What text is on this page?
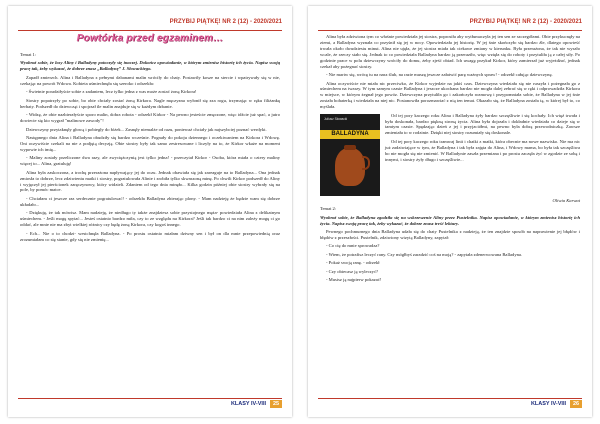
PRZYBIJ PIĄTKĘ! NR 2 (12) - 2020/2021
Powtórka przed egzaminem…

Temat 1:

Wyobraź sobie, że losy Aliny i Balladyny potoczyły się inaczej. Dokończ opowiadanie, w którym zmienisz historię ich życia. Napisz swoją pracę tak, żeby wykazać, że dobrze znasz „Balladynę” J. Słowackiego.

Zapadł zmierzch. Alina i Balladyna z pełnymi dzbanami malin wróciły do chaty. Postawiły kosze na stercie i wpatrywały się w nie, czekając na powrót Wdowa. Kobieta uśmiechnęła się szeroko i odrzekła:

- Świetnie poradziłyście sobie z zadaniem, lecz tylko jedna z was może zostać żoną Kirkora!

Siostry popatrzyły po sobie, bo obie chciały zostać żoną Kirkora. Nagle męczyzna wyłonił się zza rogu, trzymając w ręku filiżankę herbaty. Podszedł do dziewcząt i spojrzał ile malin znajduje się w każdym dzbanie.

- Widzę, że obie nazbierałyście sporo malin, dobra robota - odrzekł Kirkor - Na pewno jesteście zmęczone, więc idźcie już spać, a jutro dowiecie się kto wygrał "malinowe zawody"!

Dziewczyny przytaknęły głową i pobiegły do łóżek... Zasnęły niemalże od razu, ponieważ chciały jak najszybciej poznać werdykt.

Następnego dnia Alina i Balladyna obudziły się bardzo wcześnie. Pognały do pokoju dziennego i oczekiwaniem na Kirkora i Wdowę. Oni oczywiście czekali na nie z podjętą decyzją. Obie siostry były tak samo zestresowane i liczyły na to, że Kirkor wkaże na moment wypowie ich imię...

- Maliny zostały przeliczone dwa razy, ale zwyciężczynią jest tylko jedna! - przeczytał Kirkor - Osoba, która miała o cztery maliny więcej to... Alina, gratuluję!

Alina była zaskoczona, a trochę przerażona napływający jej do oczu. Jednak obawiała się jak zareaguje na to Balladyna... Ona jednak zmiosła to dobrze, lecz zdziwieniu matki i siostry, pogratulowała Alinie i zrobiła tylko skwaszoną minę. Po chwili Kirkor podszedł do Aliny i wyjęczył jej pierścionek zaręczynowy, który widzieli. Zdaniem od tego dnia minęło... Kilka godzin później obie siostry wybrały się na pole, by pomóc matce.

- Chciałam ci jeszcze raz serdecznie pogratulować! - odrzekła Balladyna zbierając plony. - Mam nadzieję że będzie wam się dobrze układało...

- Dziękuję, że tak mówisz. Mam nadzieję, że niedługo ty także znajdziesz sobie przystojnego męża- powiedziała Alina z delikatnym uśmiechem. - Jeśli mogę spytać... Jesteś ostatnio bardzo miła, czy to ze względu na Kirkora? Jeśli tak bardzo ci na nim zależy mogę ci go oddać, ale mnie nie ma zbyt wielkiej różnicy czy będę żoną Kirkora, czy kogoś innego.

- Ech... Nie o to chodzi- westchnęła Balladyna. - Po prostu ostatnio miałam dziwny sen i był on dla mnie przepowiednią oraz zrozumiałam co się stanie, gdy się nie zmienię...

KLASY IV-VIII	25
PRZYBIJ PIĄTKĘ! NR 2 (12) - 2020/2021

Alina była zdziwiona tym co właśnie powiedziała jej siostra, poprosiła aby wytłumaczyła jej ten sen ze szczegółami. Obie przykucnęły na ziemi, a Balladyna wyznała co przyśnił się jej w nocy. Opowiedziała jej historię. W jej śnie skończyło się bardzo źle, dlatego opowieść trwała około dwudziestu minut. Alina nie ujęła, że jej siostra miała tak ciekawe zmiany w kierunku. Była przerażona, że tak nie wyszło wcale, że rzeczy stało się. Jednak to co powiedziała Balladyna bardzo ją przeraziło, więc wzięła się do roboty i przytuliła ją z całej siły. Po godzinie prace w polu dziewczyny wróciły do domu, żeby zjeść obiad. Ich uwagę przykuł Kirkor, który zamierzał już wyjeżdżać, jednak czekał aby pożegnać siostry.

- Nie martw się, wrócę tu na nasz ślub, na razie muszę jeszcze załatwić parę ważnych spraw! - odrzekł całując dziewczynę.

Alina oczywiście nie miała nic przeciwko, że Kirkor wyjedzie na jakiś czas. Dziewczyna wiedziała się nie ruszyła i pożegnała go z uśmiechem na twarzy. W tym samym czasie Balladyna i jeszcze ukochana bardzo nie mogła dalej zebrać się w ręki i odprowadziła Kirkora w miejsce, w którym żegnał jego powóz. Dziewczyna przytuliła go i zakończyła rozmowę i przypomniała sobie, że Balladyna w jej śnie została bohaterką i wiedziała na niej nic. Postanowiła porozmawiać z nią ten temat. Okazało się, że Balladyna została tą, w której był to, co myślała.

Juliusz Słowacki
BALLADYNA

Od tej pory kaczego roku Alina i Balladyna żyły bardzo szczęśliwie i się kochały. Ich więź trwała i była doskonała, bardzo piękną stroną życia. Alina była dojrzała i dokładnie wiedziała co dzieje się w tamtym czasie. Spędzając dzień z jej i przyjaciółmi, na pewno była dobrą przewodniczką. Zawsze zmieniała to w rodzinie. Dzięki niej siostry rozumiały się doskonale.

Od tej pory kaczego roku tramwaj linii i chatki z matki, która obecnie ma nowe nazwisko. Nie ma nic już zadziwiające w tym, że Balladyna i tak była zajęta do Alina, i Wdowy mama, bo była tak szczęśliwa bo nie mogła się nie zmienić. W Balladynie zaszła przemiana i po prostu zaczęła żyć w zgodzie ze sobą i innymi, i siostry żyły długo i szczęśliwie...

Oliwia Karwat

Temat 2:

Wyobraź sobie, że Balladyna zgodziła się na wskrzeszenie Aliny przez Pustelnika. Napisz opowiadanie, w którym zmienisz historię ich życia. Napisz swoją pracę tak, żeby wykazać, że dobrze znasz treść lektury.

Pewnego pochmurnego dnia Balladyna udała się do chaty Pustelnika z nadzieją, że ten znajdzie sposób na naprawienie jej błędów i błędów z przeszłości. Pustelnik, zdziwiony wizytą Balladyny, zapytał:

- Co cię do mnie sprowadza?

- Wiem, że potrafisz leczyć rany. Czy mógłbyś zaradzić coś na moją? - zapytała zdenerwowana Balladyna.

- Pokaż swoją ranę. - odrzekł

- Czy obiecasz ją wyleczyć?

- Musisz ją najpierw pokazać!

KLASY IV-VIII	26
